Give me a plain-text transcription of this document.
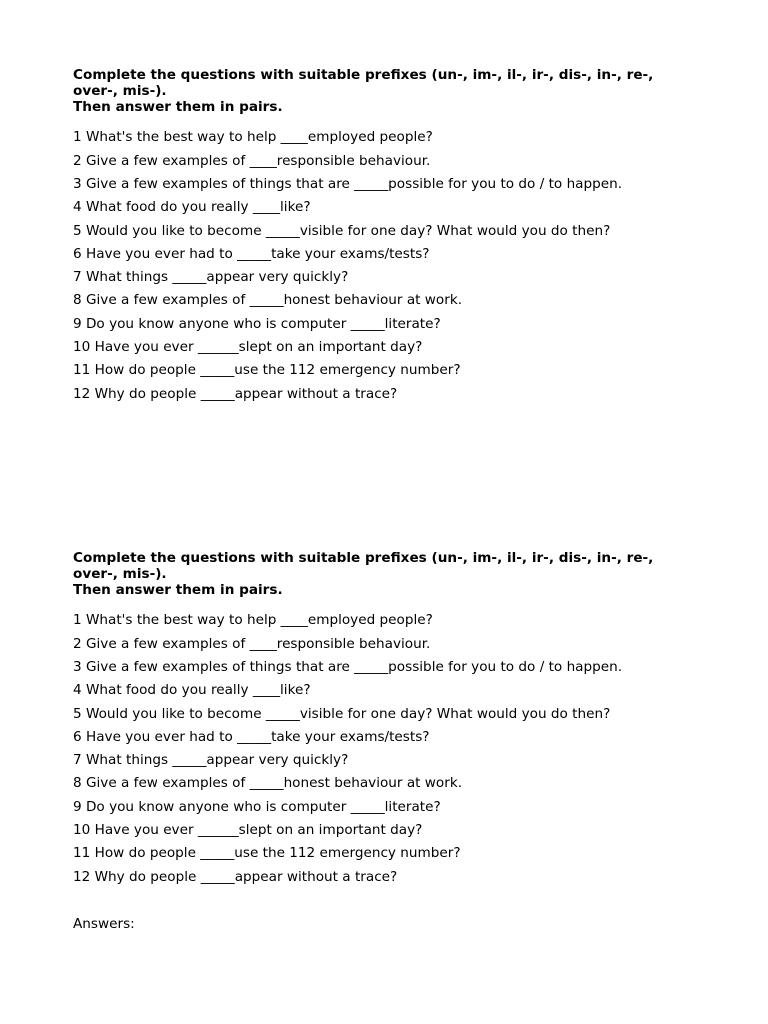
Complete the questions with suitable prefixes (un-, im-, il-, ir-, dis-, in-, re-,
over-, mis-).
Then answer them in pairs.

1 What's the best way to help ____employed people?
2 Give a few examples of ____responsible behaviour.
3 Give a few examples of things that are _____possible for you to do / to happen.
4 What food do you really ____like?
5 Would you like to become _____visible for one day? What would you do then?
6 Have you ever had to _____take your exams/tests?
7 What things _____appear very quickly?
8 Give a few examples of _____honest behaviour at work.
9 Do you know anyone who is computer _____literate?
10 Have you ever ______slept on an important day?
11 How do people _____use the 112 emergency number?
12 Why do people _____appear without a trace?

Complete the questions with suitable prefixes (un-, im-, il-, ir-, dis-, in-, re-,
over-, mis-).
Then answer them in pairs.

1 What's the best way to help ____employed people?
2 Give a few examples of ____responsible behaviour.
3 Give a few examples of things that are _____possible for you to do / to happen.
4 What food do you really ____like?
5 Would you like to become _____visible for one day? What would you do then?
6 Have you ever had to _____take your exams/tests?
7 What things _____appear very quickly?
8 Give a few examples of _____honest behaviour at work.
9 Do you know anyone who is computer _____literate?
10 Have you ever ______slept on an important day?
11 How do people _____use the 112 emergency number?
12 Why do people _____appear without a trace?

Answers:
